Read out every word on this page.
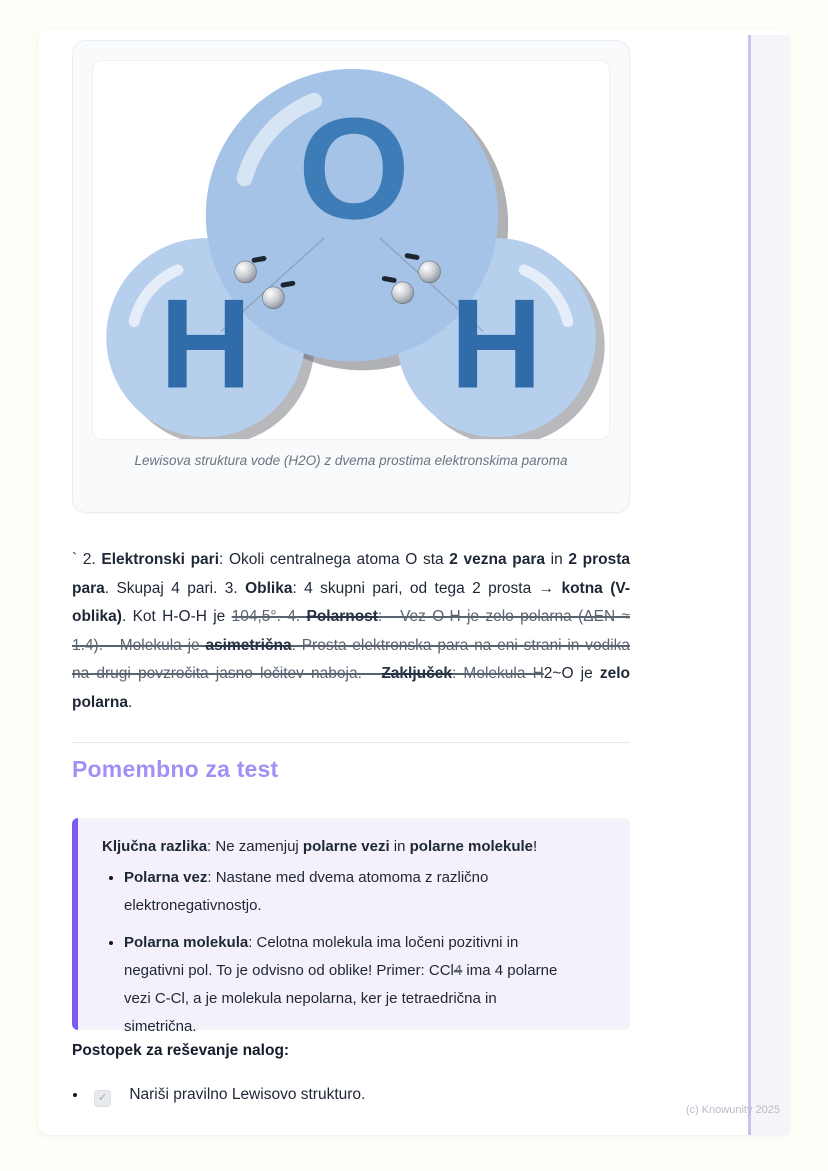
O
H H
Lewisova struktura vode (H2O) z dvema prostima elektronskima paroma

` 2. Elektronski pari: Okoli centralnega atoma O sta 2 vezna para in 2 prosta para. Skupaj 4 pari. 3. Oblika: 4 skupni pari, od tega 2 prosta → kotna (V-oblika). Kot H-O-H je 104,5°. 4. Polarnost: - Vez O-H je zelo polarna (ΔEN ≈ 1.4). - Molekula je asimetrična. Prosta elektronska para na eni strani in vodika na drugi povzročita jasno ločitev naboja. - Zaključek: Molekula H2~O je zelo polarna.

Pomembno za test

Ključna razlika: Ne zamenjuj polarne vezi in polarne molekule!

• Polarna vez: Nastane med dvema atomoma z različno elektronegativnostjo.
• Polarna molekula: Celotna molekula ima ločeni pozitivni in negativni pol. To je odvisno od oblike! Primer: CCl4 ima 4 polarne vezi C-Cl, a je molekula nepolarna, ker je tetraedrična in simetrična.

Postopek za reševanje nalog:

• ✓ Nariši pravilno Lewisovo strukturo.
(c) Knowunity 2025
